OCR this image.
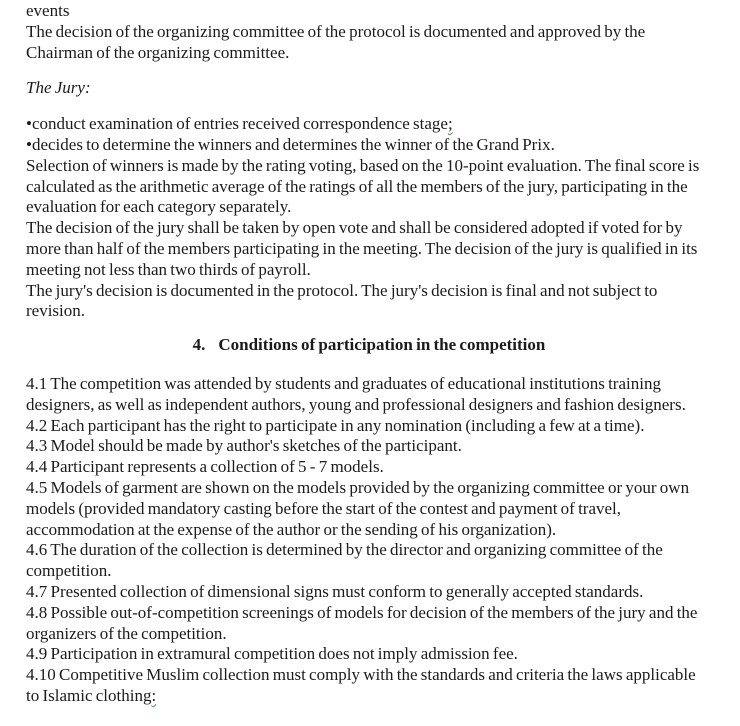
events

The decision of the organizing committee of the protocol is documented and approved by the Chairman of the organizing committee.

The Jury:

•conduct examination of entries received correspondence stage;

•decides to determine the winners and determines the winner of the Grand Prix.

Selection of winners is made by the rating voting, based on the 10-point evaluation. The final score is calculated as the arithmetic average of the ratings of all the members of the jury, participating in the evaluation for each category separately.

The decision of the jury shall be taken by open vote and shall be considered adopted if voted for by more than half of the members participating in the meeting. The decision of the jury is qualified in its meeting not less than two thirds of payroll.

The jury's decision is documented in the protocol. The jury's decision is final and not subject to revision.

4. Conditions of participation in the competition

4.1 The competition was attended by students and graduates of educational institutions training designers, as well as independent authors, young and professional designers and fashion designers.

4.2 Each participant has the right to participate in any nomination (including a few at a time).

4.3 Model should be made by author's sketches of the participant.

4.4 Participant represents a collection of 5 - 7 models.

4.5 Models of garment are shown on the models provided by the organizing committee or your own models (provided mandatory casting before the start of the contest and payment of travel, accommodation at the expense of the author or the sending of his organization).

4.6 The duration of the collection is determined by the director and organizing committee of the competition.

4.7 Presented collection of dimensional signs must conform to generally accepted standards.

4.8 Possible out-of-competition screenings of models for decision of the members of the jury and the organizers of the competition.

4.9 Participation in extramural competition does not imply admission fee.

4.10 Competitive Muslim collection must comply with the standards and criteria the laws applicable to Islamic clothing:
